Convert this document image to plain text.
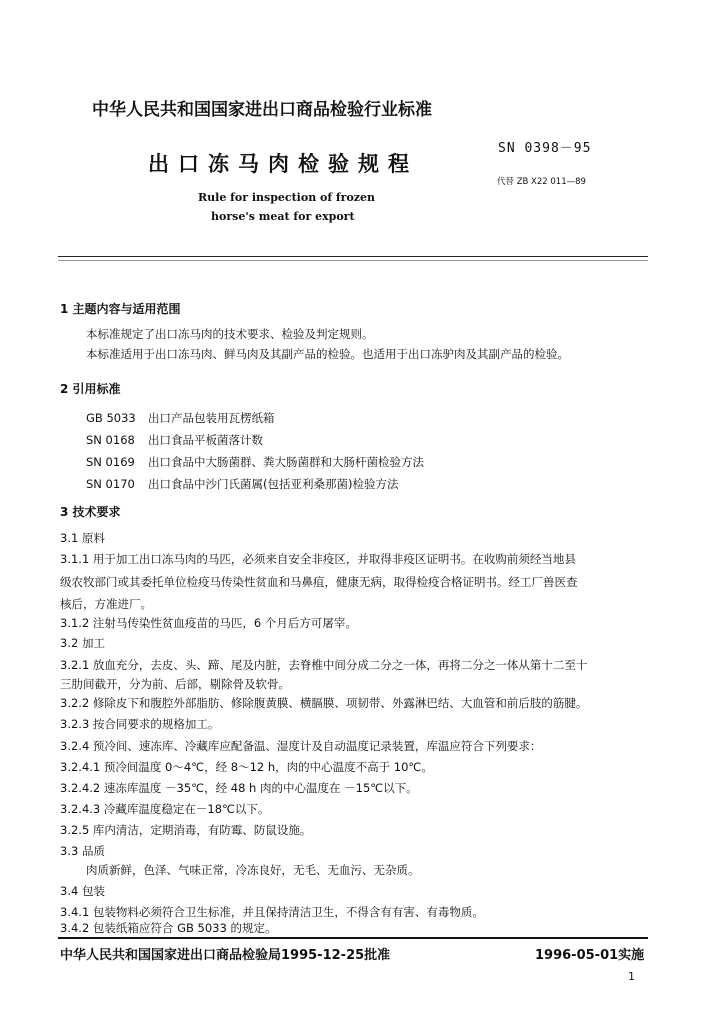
中华人民共和国国家进出口商品检验行业标准
SN 0398－95
出口冻马肉检验规程
代替 ZB X22 011—89
Rule for inspection of frozen
horse's meat for export
1 主题内容与适用范围
本标准规定了出口冻马肉的技术要求、检验及判定规则。
本标准适用于出口冻马肉、鲜马肉及其副产品的检验。也适用于出口冻驴肉及其副产品的检验。
2 引用标准
GB 5033 出口产品包装用瓦楞纸箱
SN 0168 出口食品平板菌落计数
SN 0169 出口食品中大肠菌群、粪大肠菌群和大肠杆菌检验方法
SN 0170 出口食品中沙门氏菌属(包括亚利桑那菌)检验方法
3 技术要求
3.1 原料
3.1.1 用于加工出口冻马肉的马匹，必须来自安全非疫区，并取得非疫区证明书。在收购前须经当地县
级农牧部门或其委托单位检疫马传染性贫血和马鼻疽，健康无病，取得检疫合格证明书。经工厂兽医查
核后，方准进厂。
3.1.2 注射马传染性贫血疫苗的马匹，6 个月后方可屠宰。
3.2 加工
3.2.1 放血充分，去皮、头、蹄、尾及内脏，去脊椎中间分成二分之一体，再将二分之一体从第十二至十
三肋间截开，分为前、后部，剔除骨及软骨。
3.2.2 修除皮下和腹腔外部脂肪、修除腹黄膜、横膈膜、项韧带、外露淋巴结、大血管和前后肢的筋腱。
3.2.3 按合同要求的规格加工。
3.2.4 预冷间、速冻库、冷藏库应配备温、湿度计及自动温度记录装置，库温应符合下列要求：
3.2.4.1 预冷间温度 0～4℃，经 8～12 h，肉的中心温度不高于 10℃。
3.2.4.2 速冻库温度 －35℃，经 48 h 肉的中心温度在 －15℃以下。
3.2.4.3 冷藏库温度稳定在－18℃以下。
3.2.5 库内清洁，定期消毒，有防霉、防鼠设施。
3.3 品质
肉质新鲜，色泽、气味正常，冷冻良好，无毛、无血污、无杂质。
3.4 包装
3.4.1 包装物料必须符合卫生标准，并且保持清洁卫生，不得含有有害、有毒物质。
3.4.2 包装纸箱应符合 GB 5033 的规定。
中华人民共和国国家进出口商品检验局1995-12-25批准	1996-05-01实施
1
